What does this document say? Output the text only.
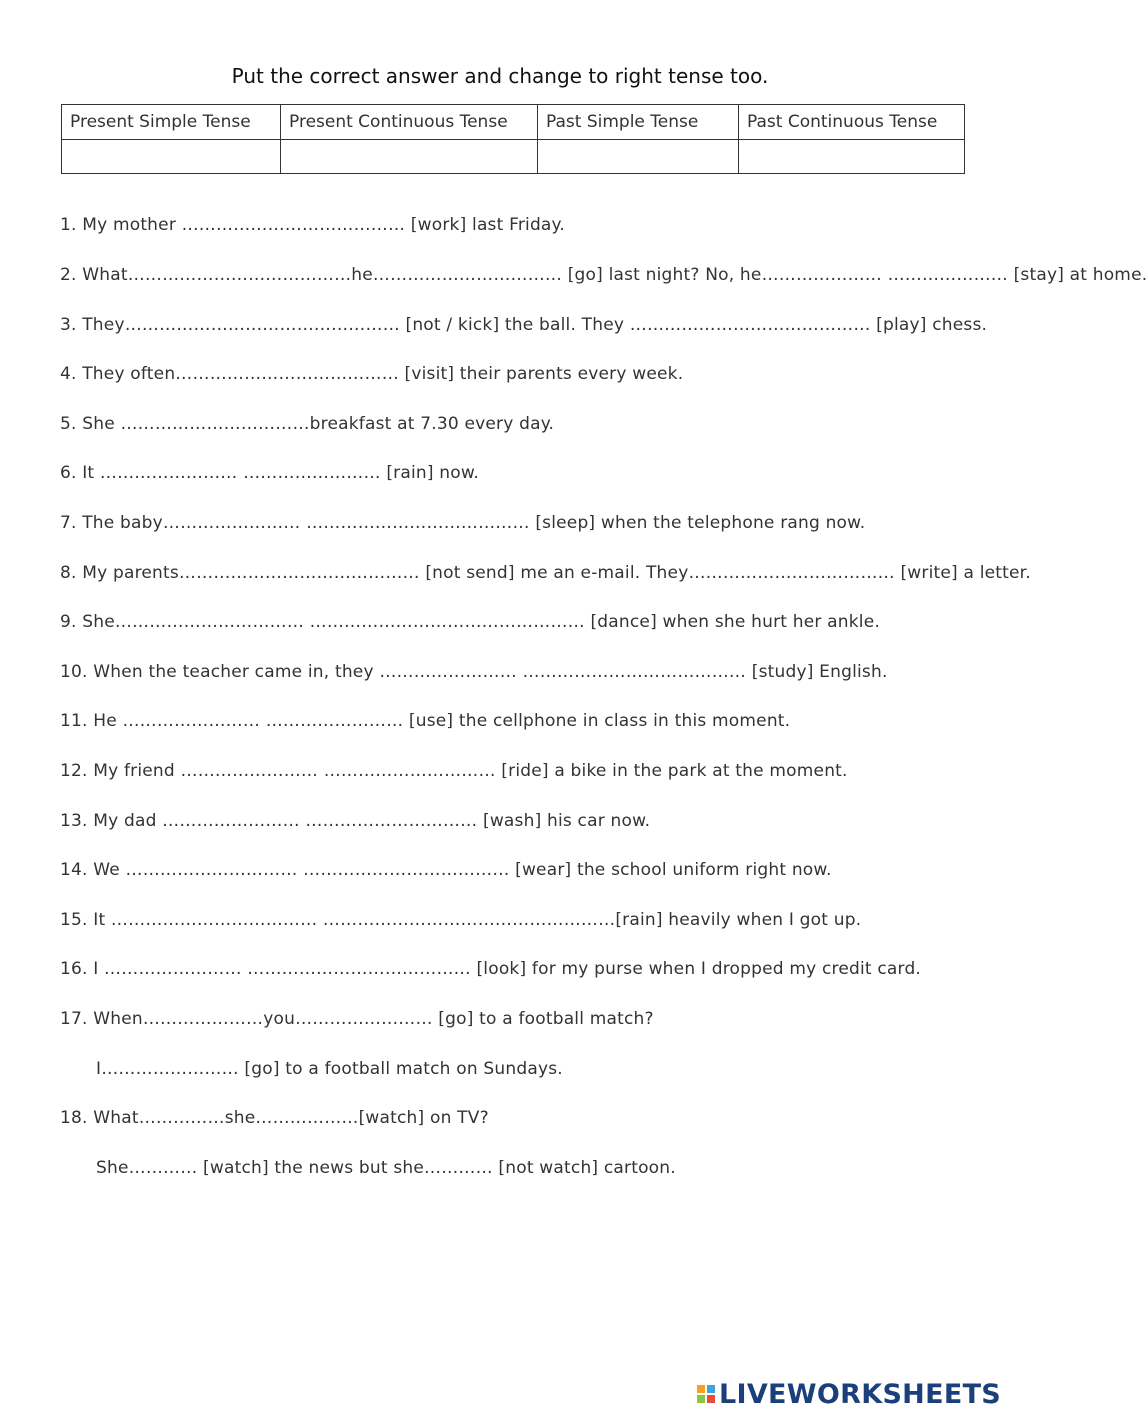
Put the correct answer and change to right tense too.
Present Simple Tense	Present Continuous Tense	Past Simple Tense	Past Continuous Tense

1. My mother ………………………………… [work] last Friday.
2. What…………………………………he…………………………… [go] last night? No, he………………… ………………… [stay] at home.
3. They………………………………………… [not / kick] the ball. They …………………………………… [play] chess.
4. They often………………………………… [visit] their parents every week.
5. She ……………………………breakfast at 7.30 every day.
6. It …………………… …………………… [rain] now.
7. The baby…………………… ………………………………… [sleep] when the telephone rang now.
8. My parents…………………………………… [not send] me an e-mail. They……………………………… [write] a letter.
9. She…………………………… ………………………………………… [dance] when she hurt her ankle.
10. When the teacher came in, they …………………… ………………………………… [study] English.
11. He …………………… …………………… [use] the cellphone in class in this moment.
12. My friend …………………… ………………………… [ride] a bike in the park at the moment.
13. My dad …………………… ………………………… [wash] his car now.
14. We ………………………… ……………………………… [wear] the school uniform right now.
15. It ……………………………… ……………………………………………[rain] heavily when I got up.
16. I …………………… ………………………………… [look] for my purse when I dropped my credit card.
17. When…………………you…………………… [go] to a football match?
I…………………… [go] to a football match on Sundays.
18. What……………she………………[watch] on TV?
She………… [watch] the news but she………… [not watch] cartoon.
LIVEWORKSHEETS
